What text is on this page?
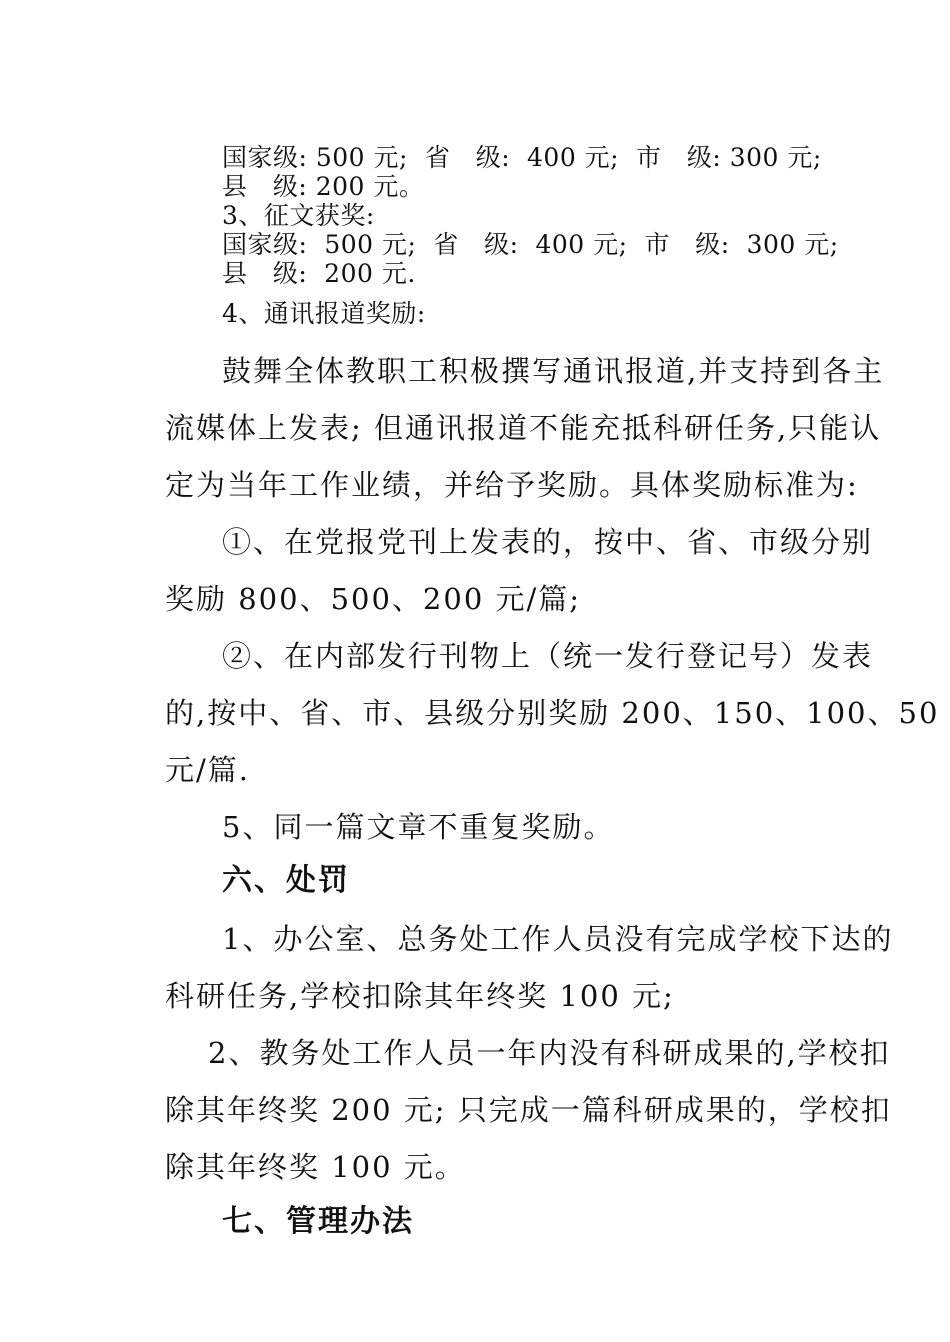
国家级: 500 元;  省   级:  400 元;  市   级: 300 元;

县   级: 200 元。

3、征文获奖:

国家级:  500 元;  省   级:  400 元;  市   级:  300 元;

县   级:  200 元.

4、通讯报道奖励:

鼓舞全体教职工积极撰写通讯报道,并支持到各主

流媒体上发表; 但通讯报道不能充抵科研任务,只能认

定为当年工作业绩，并给予奖励。具体奖励标准为:

①、在党报党刊上发表的，按中、省、市级分别

奖励 800、500、200 元/篇;

②、在内部发行刊物上（统一发行登记号）发表

的,按中、省、市、县级分别奖励 200、150、100、50

元/篇.

5、同一篇文章不重复奖励。

六、处罚

1、办公室、总务处工作人员没有完成学校下达的

科研任务,学校扣除其年终奖 100 元;

2、教务处工作人员一年内没有科研成果的,学校扣

除其年终奖 200 元; 只完成一篇科研成果的，学校扣

除其年终奖 100 元。

七、管理办法
